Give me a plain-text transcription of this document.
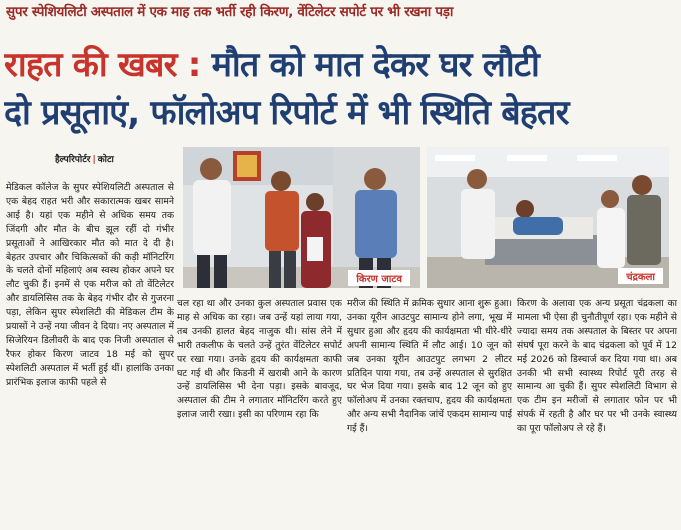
सुपर स्पेशियलिटी अस्पताल में एक माह तक भर्ती रही किरण, वेंटिलेटर सपोर्ट पर भी रखना पड़ा
राहत की खबर : मौत को मात देकर घर लौटी
दो प्रसूताएं, फॉलोअप रिपोर्ट में भी स्थिति बेहतर
हैल्परिपोर्टर | कोटा
किरण जाटव	चंद्रकला

मेडिकल कॉलेज के सुपर स्पेशियलिटी अस्पताल से एक बेहद राहत भरी और सकारात्मक खबर सामने आई है। यहां एक महीने से अधिक समय तक जिंदगी और मौत के बीच झूल रहीं दो गंभीर प्रसूताओं ने आखिरकार मौत को मात दे दी है। बेहतर उपचार और चिकित्सकों की कड़ी मॉनिटरिंग के चलते दोनों महिलाएं अब स्वस्थ होकर अपने घर लौट चुकी हैं। इनमें से एक मरीज को तो वेंटिलेटर और डायलिसिस तक के बेहद गंभीर दौर से गुजरना पड़ा, लेकिन सुपर स्पेशलिटी की मेडिकल टीम के प्रयासों ने उन्हें नया जीवन दे दिया। नए अस्पताल में सिजेरियन डिलीवरी के बाद एक निजी अस्पताल से रैफर होकर किरण जाटव 18 मई को सुपर स्पेशलिटी अस्पताल में भर्ती हुई थीं। हालांकि उनका प्रारंभिक इलाज काफी पहले से

चल रहा था और उनका कुल अस्पताल प्रवास एक माह से अधिक का रहा। जब उन्हें यहां लाया गया, तब उनकी हालत बेहद नाजुक थी। सांस लेने में भारी तकलीफ के चलते उन्हें तुरंत वेंटिलेटर सपोर्ट पर रखा गया। उनके हृदय की कार्यक्षमता काफी घट गई थी और किडनी में खराबी आने के कारण उन्हें डायलिसिस भी देना पड़ा। इसके बावजूद, अस्पताल की टीम ने लगातार मॉनिटरिंग करते हुए इलाज जारी रखा। इसी का परिणाम रहा कि

मरीज की स्थिति में क्रमिक सुधार आना शुरू हुआ। उनका यूरीन आउटपुट सामान्य होने लगा, भूख में सुधार हुआ और हृदय की कार्यक्षमता भी धीरे-धीरे अपनी सामान्य स्थिति में लौट आई। 10 जून को जब उनका यूरीन आउटपुट लगभग 2 लीटर प्रतिदिन पाया गया, तब उन्हें अस्पताल से सुरक्षित घर भेज दिया गया। इसके बाद 12 जून को हुए फॉलोअप में उनका रक्तचाप, हृदय की कार्यक्षमता और अन्य सभी नैदानिक जांचें एकदम सामान्य पाई गई हैं।

किरण के अलावा एक अन्य प्रसूता चंद्रकला का मामला भी ऐसा ही चुनौतीपूर्ण रहा। एक महीने से ज्यादा समय तक अस्पताल के बिस्तर पर अपना संघर्ष पूरा करने के बाद चंद्रकला को पूर्व में 12 मई 2026 को डिस्चार्ज कर दिया गया था। अब उनकी भी सभी स्वास्थ्य रिपोर्ट पूरी तरह से सामान्य आ चुकी हैं। सुपर स्पेशलिटी विभाग से एक टीम इन मरीजों से लगातार फोन पर भी संपर्क में रहती है और घर पर भी उनके स्वास्थ्य का पूरा फॉलोअप ले रहे हैं।
